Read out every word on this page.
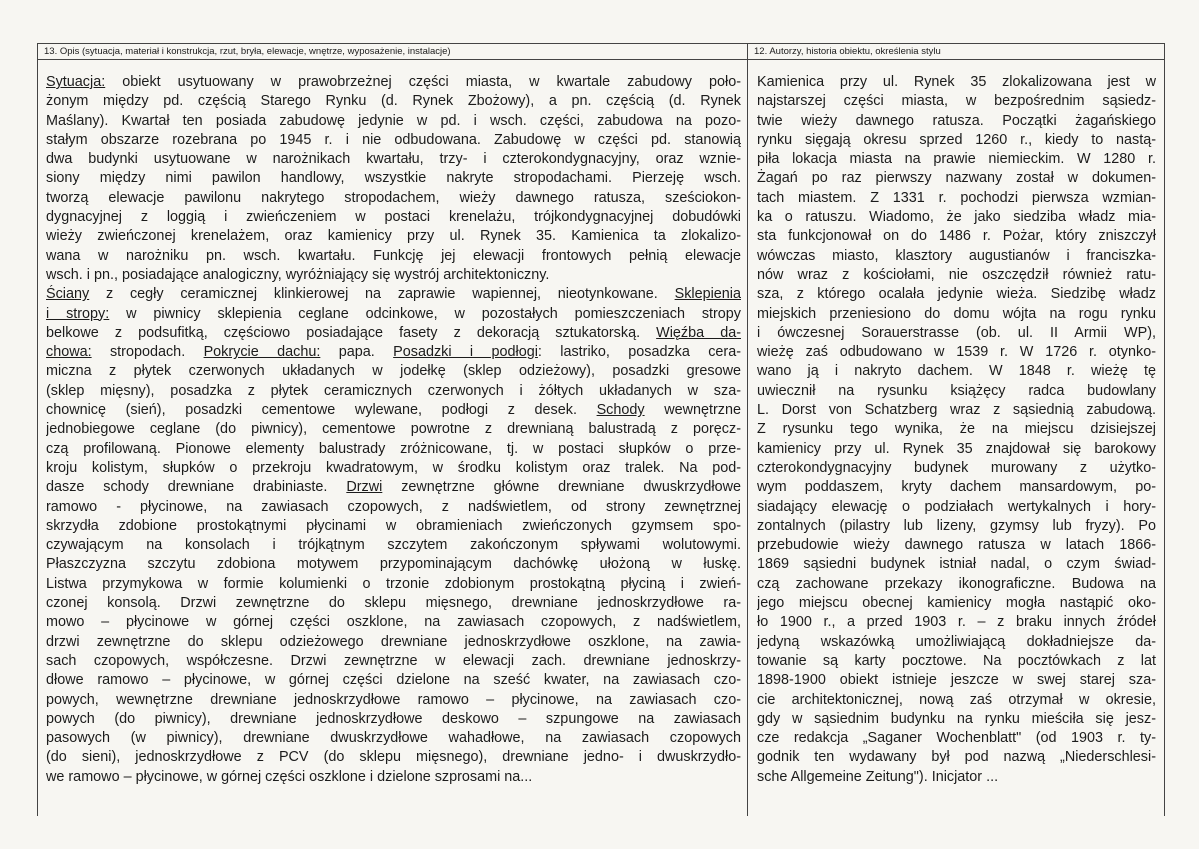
13. Opis (sytuacja, materiał i konstrukcja, rzut, bryła, elewacje, wnętrze, wyposażenie, instalacje)
Sytuacja: obiekt usytuowany w prawobrzeżnej części miasta, w kwartale zabudowy poło-
żonym między pd. częścią Starego Rynku (d. Rynek Zbożowy), a pn. częścią (d. Rynek
Maślany). Kwartał ten posiada zabudowę jedynie w pd. i wsch. części, zabudowa na pozo-
stałym obszarze rozebrana po 1945 r. i nie odbudowana. Zabudowę w części pd. stanowią
dwa budynki usytuowane w narożnikach kwartału, trzy- i czterokondygnacyjny, oraz wznie-
siony między nimi pawilon handlowy, wszystkie nakryte stropodachami. Pierzeję wsch.
tworzą elewacje pawilonu nakrytego stropodachem, wieży dawnego ratusza, sześciokon-
dygnacyjnej z loggią i zwieńczeniem w postaci krenelażu, trójkondygnacyjnej dobudówki
wieży zwieńczonej krenelażem, oraz kamienicy przy ul. Rynek 35. Kamienica ta zlokalizo-
wana w narożniku pn. wsch. kwartału. Funkcję jej elewacji frontowych pełnią elewacje
wsch. i pn., posiadające analogiczny, wyróżniający się wystrój architektoniczny.
Ściany z cegły ceramicznej klinkierowej na zaprawie wapiennej, nieotynkowane. Sklepienia
i stropy: w piwnicy sklepienia ceglane odcinkowe, w pozostałych pomieszczeniach stropy
belkowe z podsufitką, częściowo posiadające fasety z dekoracją sztukatorską. Więźba da-
chowa: stropodach. Pokrycie dachu: papa. Posadzki i podłogi: lastriko, posadzka cera-
miczna z płytek czerwonych układanych w jodełkę (sklep odzieżowy), posadzki gresowe
(sklep mięsny), posadzka z płytek ceramicznych czerwonych i żółtych układanych w sza-
chownicę (sień), posadzki cementowe wylewane, podłogi z desek. Schody wewnętrzne
jednobiegowe ceglane (do piwnicy), cementowe powrotne z drewnianą balustradą z poręcz-
czą profilowaną. Pionowe elementy balustrady zróżnicowane, tj. w postaci słupków o prze-
kroju kolistym, słupków o przekroju kwadratowym, w środku kolistym oraz tralek. Na pod-
dasze schody drewniane drabiniaste. Drzwi zewnętrzne główne drewniane dwuskrzydłowe
ramowo - płycinowe, na zawiasach czopowych, z nadświetlem, od strony zewnętrznej
skrzydła zdobione prostokątnymi płycinami w obramieniach zwieńczonych gzymsem spo-
czywającym na konsolach i trójkątnym szczytem zakończonym spływami wolutowymi.
Płaszczyzna szczytu zdobiona motywem przypominającym dachówkę ułożoną w łuskę.
Listwa przymykowa w formie kolumienki o trzonie zdobionym prostokątną płyciną i zwień-
czonej konsolą. Drzwi zewnętrzne do sklepu mięsnego, drewniane jednoskrzydłowe ra-
mowo – płycinowe w górnej części oszklone, na zawiasach czopowych, z nadświetlem,
drzwi zewnętrzne do sklepu odzieżowego drewniane jednoskrzydłowe oszklone, na zawia-
sach czopowych, współczesne. Drzwi zewnętrzne w elewacji zach. drewniane jednoskrzy-
dłowe ramowo – płycinowe, w górnej części dzielone na sześć kwater, na zawiasach czo-
powych, wewnętrzne drewniane jednoskrzydłowe ramowo – płycinowe, na zawiasach czo-
powych (do piwnicy), drewniane jednoskrzydłowe deskowo – szpungowe na zawiasach
pasowych (w piwnicy), drewniane dwuskrzydłowe wahadłowe, na zawiasach czopowych
(do sieni), jednoskrzydłowe z PCV (do sklepu mięsnego), drewniane jedno- i dwuskrzydło-
we ramowo – płycinowe, w górnej części oszklone i dzielone szprosami na...
12. Autorzy, historia obiektu, określenia stylu
Kamienica przy ul. Rynek 35 zlokalizowana jest w
najstarszej części miasta, w bezpośrednim sąsiedz-
twie wieży dawnego ratusza. Początki żagańskiego
rynku sięgają okresu sprzed 1260 r., kiedy to nastą-
piła lokacja miasta na prawie niemieckim. W 1280 r.
Żagań po raz pierwszy nazwany został w dokumen-
tach miastem. Z 1331 r. pochodzi pierwsza wzmian-
ka o ratuszu. Wiadomo, że jako siedziba władz mia-
sta funkcjonował on do 1486 r. Pożar, który zniszczył
wówczas miasto, klasztory augustianów i franciszka-
nów wraz z kościołami, nie oszczędził również ratu-
sza, z którego ocalała jedynie wieża. Siedzibę władz
miejskich przeniesiono do domu wójta na rogu rynku
i ówczesnej Sorauerstrasse (ob. ul. II Armii WP),
wieżę zaś odbudowano w 1539 r. W 1726 r. otynko-
wano ją i nakryto dachem. W 1848 r. wieżę tę
uwiecznił na rysunku książęcy radca budowlany
L. Dorst von Schatzberg wraz z sąsiednią zabudową.
Z rysunku tego wynika, że na miejscu dzisiejszej
kamienicy przy ul. Rynek 35 znajdował się barokowy
czterokondygnacyjny budynek murowany z użytko-
wym poddaszem, kryty dachem mansardowym, po-
siadający elewację o podziałach wertykalnych i hory-
zontalnych (pilastry lub lizeny, gzymsy lub fryzy). Po
przebudowie wieży dawnego ratusza w latach 1866-
1869 sąsiedni budynek istniał nadal, o czym świad-
czą zachowane przekazy ikonograficzne. Budowa na
jego miejscu obecnej kamienicy mogła nastąpić oko-
ło 1900 r., a przed 1903 r. – z braku innych źródeł
jedyną wskazówką umożliwiającą dokładniejsze da-
towanie są karty pocztowe. Na pocztówkach z lat
1898-1900 obiekt istnieje jeszcze w swej starej sza-
cie architektonicznej, nową zaś otrzymał w okresie,
gdy w sąsiednim budynku na rynku mieściła się jesz-
cze redakcja „Saganer Wochenblatt" (od 1903 r. ty-
godnik ten wydawany był pod nazwą „Niederschlesi-
sche Allgemeine Zeitung"). Inicjator ...
